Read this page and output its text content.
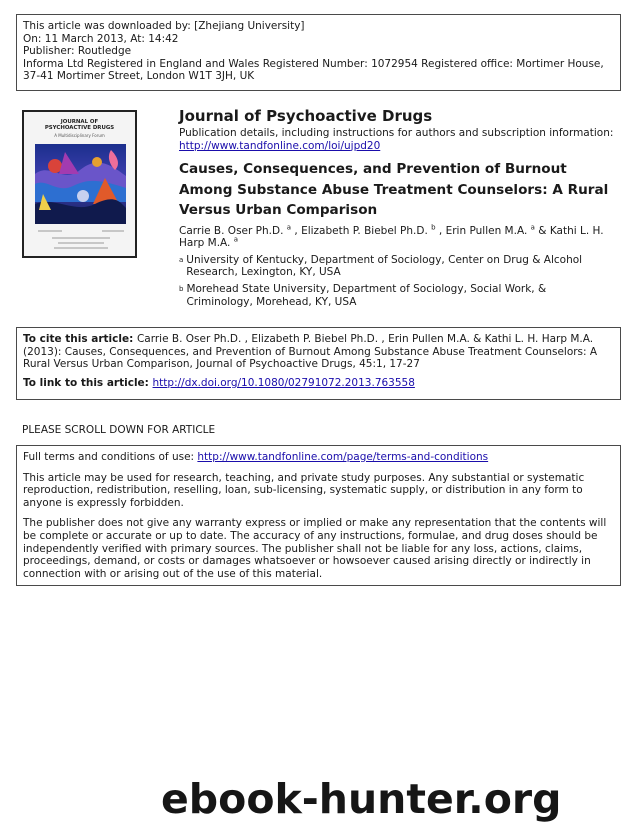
This article was downloaded by: [Zhejiang University]
On: 11 March 2013, At: 14:42
Publisher: Routledge
Informa Ltd Registered in England and Wales Registered Number: 1072954 Registered office: Mortimer House,
37-41 Mortimer Street, London W1T 3JH, UK
JOURNAL OF
PSYCHOACTIVE DRUGS
A Multidisciplinary Forum
Journal of Psychoactive Drugs
Publication details, including instructions for authors and subscription information:
http://www.tandfonline.com/loi/ujpd20
Causes, Consequences, and Prevention of Burnout Among Substance Abuse Treatment Counselors: A Rural Versus Urban Comparison
Carrie B. Oser Ph.D. $^a$ , Elizabeth P. Biebel Ph.D. $^b$ , Erin Pullen M.A. $^a$ & Kathi L. H. Harp M.A. $^a$
a University of Kentucky, Department of Sociology, Center on Drug & Alcohol Research, Lexington, KY, USA
b Morehead State University, Department of Sociology, Social Work, & Criminology, Morehead, KY, USA
To cite this article: Carrie B. Oser Ph.D. , Elizabeth P. Biebel Ph.D. , Erin Pullen M.A. & Kathi L. H. Harp M.A. (2013): Causes, Consequences, and Prevention of Burnout Among Substance Abuse Treatment Counselors: A Rural Versus Urban Comparison, Journal of Psychoactive Drugs, 45:1, 17-27
To link to this article: http://dx.doi.org/10.1080/02791072.2013.763558
PLEASE SCROLL DOWN FOR ARTICLE
Full terms and conditions of use: http://www.tandfonline.com/page/terms-and-conditions
This article may be used for research, teaching, and private study purposes. Any substantial or systematic reproduction, redistribution, reselling, loan, sub-licensing, systematic supply, or distribution in any form to anyone is expressly forbidden.
The publisher does not give any warranty express or implied or make any representation that the contents will be complete or accurate or up to date. The accuracy of any instructions, formulae, and drug doses should be independently verified with primary sources. The publisher shall not be liable for any loss, actions, claims, proceedings, demand, or costs or damages whatsoever or howsoever caused arising directly or indirectly in connection with or arising out of the use of this material.
ebook-hunter.org
